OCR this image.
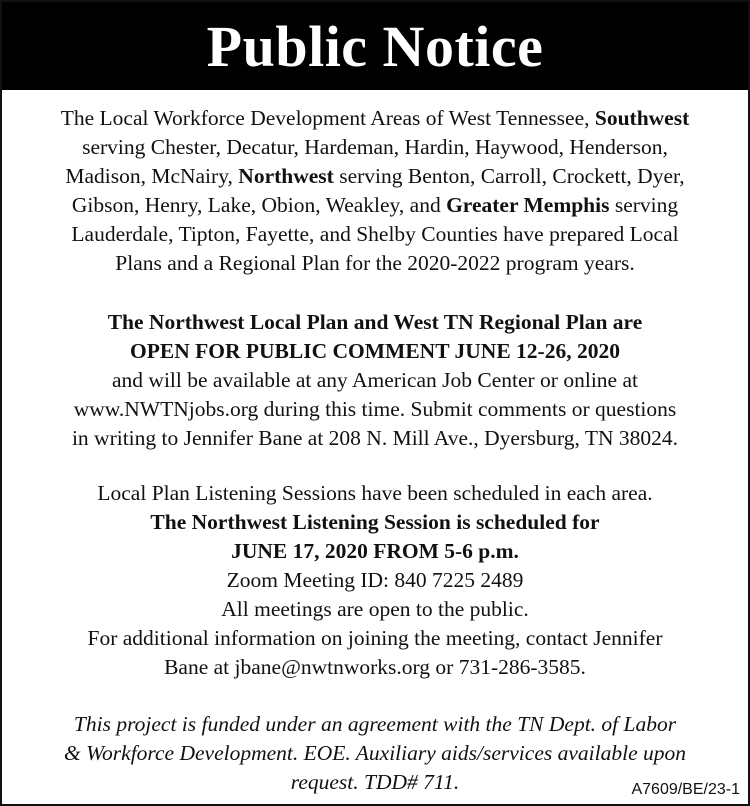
Public Notice
The Local Workforce Development Areas of West Tennessee, Southwest
serving Chester, Decatur, Hardeman, Hardin, Haywood, Henderson,
Madison, McNairy, Northwest serving Benton, Carroll, Crockett, Dyer,
Gibson, Henry, Lake, Obion, Weakley, and Greater Memphis serving
Lauderdale, Tipton, Fayette, and Shelby Counties have prepared Local
Plans and a Regional Plan for the 2020-2022 program years.
The Northwest Local Plan and West TN Regional Plan are
OPEN FOR PUBLIC COMMENT JUNE 12-26, 2020
and will be available at any American Job Center or online at
www.NWTNjobs.org during this time. Submit comments or questions
in writing to Jennifer Bane at 208 N. Mill Ave., Dyersburg, TN 38024.
Local Plan Listening Sessions have been scheduled in each area.
The Northwest Listening Session is scheduled for
JUNE 17, 2020 FROM 5-6 p.m.
Zoom Meeting ID: 840 7225 2489
All meetings are open to the public.
For additional information on joining the meeting, contact Jennifer
Bane at jbane@nwtnworks.org or 731-286-3585.
This project is funded under an agreement with the TN Dept. of Labor
& Workforce Development. EOE. Auxiliary aids/services available upon
request. TDD# 711.	A7609/BE/23-1
